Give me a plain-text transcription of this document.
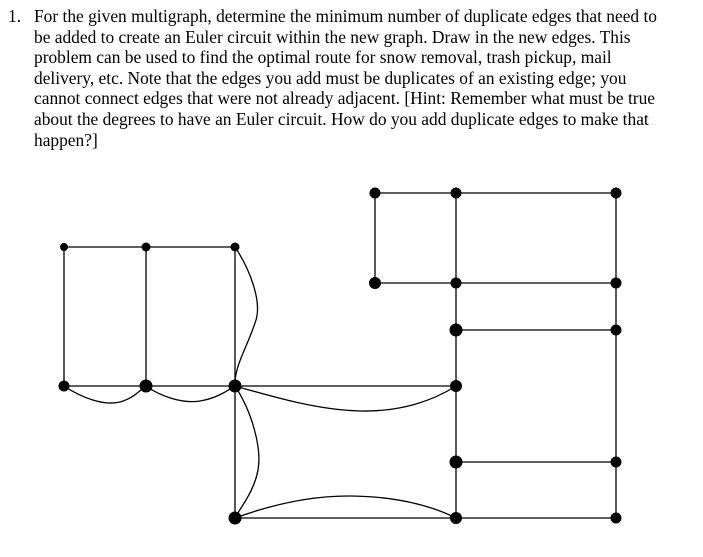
1. For the given multigraph, determine the minimum number of duplicate edges that need to
be added to create an Euler circuit within the new graph. Draw in the new edges. This
problem can be used to find the optimal route for snow removal, trash pickup, mail
delivery, etc. Note that the edges you add must be duplicates of an existing edge; you
cannot connect edges that were not already adjacent. [Hint: Remember what must be true
about the degrees to have an Euler circuit. How do you add duplicate edges to make that
happen?]
